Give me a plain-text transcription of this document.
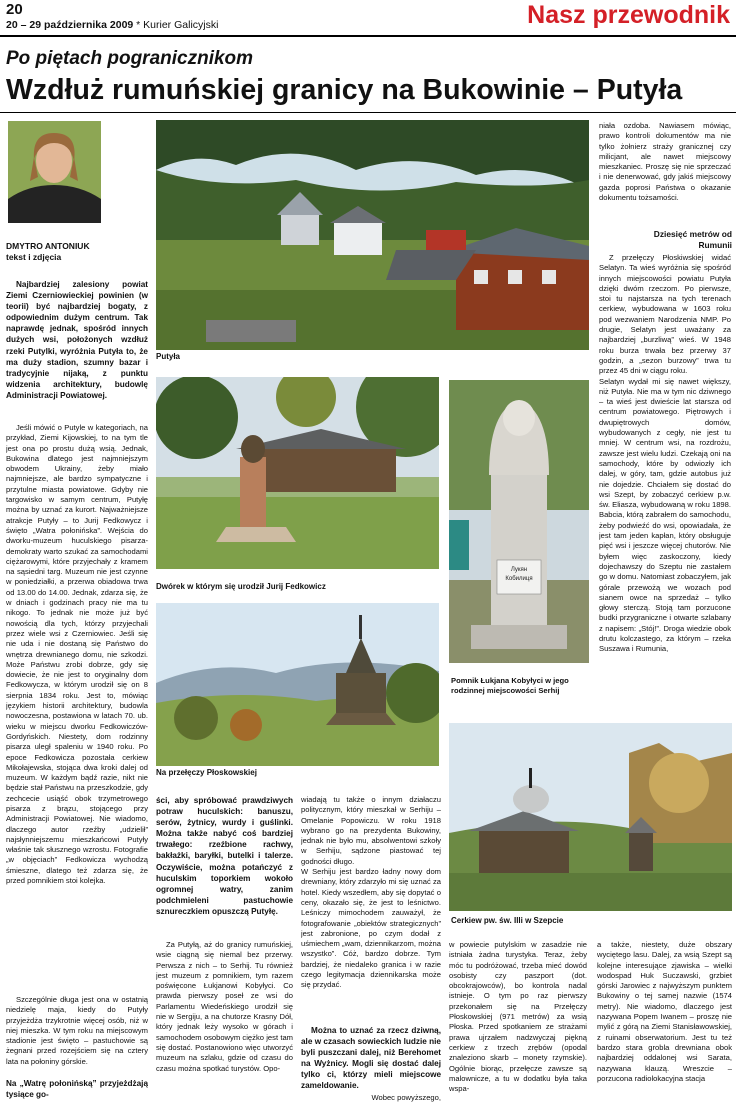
20
20 – 29 października 2009 * Kurier Galicyjski	Nasz przewodnik
Po piętach pogranicznikom
Wzdłuż rumuńskiej granicy na Bukowinie – Putyła
DMYTRO ANTONIUK
tekst i zdjęcia
Najbardziej zalesiony powiat Ziemi Czerniowieckiej powinien (w teorii) być najbardziej bogaty, z odpowiednim dużym centrum. Tak naprawdę jednak, spośród innych dużych wsi, położonych wzdłuż rzeki Putylki, wyróżnia Putyła to, że ma duży stadion, szumny bazar i tradycyjnie nijaką, z punktu widzenia architektury, budowlę Administracji Powiatowej.
Jeśli mówić o Putyle w kategoriach, na przykład, Ziemi Kijowskiej, to na tym tle jest ona po prostu dużą wsią. Jednak, Bukowina dlatego jest najmniejszym obwodem Ukrainy, żeby miało najmniejsze, ale bardzo sympatyczne i przytulne miasta powiatowe. Gdyby nie targowisko w samym centrum, Putyłę można by uznać za kurort. Najważniejsze atrakcje Putyły – to Jurij Fedkowycz i święto „Watra połonińska”. Wejścia do dworku-muzeum huculskiego pisarza-demokraty warto szukać za samochodami ciężarowymi, które przyjechały z kramem na sąsiedni targ. Muzeum nie jest czynne w poniedziałki, a przerwa obiadowa trwa od 13.00 do 14.00. Jednak, zdarza się, że w dniach i godzinach pracy nie ma tu nikogo. To jednak nie może już być nowością dla tych, którzy przyjechali przez wiele wsi z Czerniowiec. Jeśli się nie uda i nie dostaną się Państwo do wnętrza drewnianego domu, nie szkodzi. Może Państwu zrobi dobrze, gdy się dowiecie, że nie jest to oryginalny dom Fedkowycza, w którym urodził się on 8 sierpnia 1834 roku. Jest to, mówiąc językiem historii architektury, budowla nowoczesna, postawiona w latach 70. ub. wieku w miejscu dworku Fedkowiczów-Gordyńskich. Niestety, dom rodzinny pisarza uległ spaleniu w 1940 roku. Po epoce Fedkowicza pozostała cerkiew Mikołajewska, stojąca dwa kroki dalej od muzeum. W każdym bądź razie, nikt nie będzie stał Państwu na przeszkodzie, gdy zechcecie usiąść obok trzymetrowego pisarza z brązu, stojącego przy Administracji Powiatowej. Nie wiadomo, dlaczego autor rzeźby „udzielił” najsłynniejszemu mieszkańcowi Putyły właśnie tak słusznego wzrostu. Fotografie „w objęciach” Fedkowicza wychodzą śmieszne, dlatego też zdarza się, że przed pomnikiem stoi kolejka.
Szczególnie długa jest ona w ostatnią niedzielę maja, kiedy do Putyły przyjeżdża trzykrotnie więcej osób, niż w niej mieszka. W tym roku na miejscowym stadionie jest święto – pastuchowie są żegnani przed rozejściem się na cztery lata na połoniny górskie.
Na „Watrę połonińską” przyjeżdżają tysiące go-
Putyła
niała ozdoba. Nawiasem mówiąc, prawo kontroli dokumentów ma nie tylko żołnierz straży granicznej czy milicjant, ale nawet miejscowy mieszkaniec. Proszę się nie sprzeczać i nie denerwować, gdy jakiś miejscowy gazda poprosi Państwa o okazanie dokumentu tożsamości.
Dziesięć metrów od Rumunii
Z przełęczy Płoskiwskiej widać Selatyn. Ta wieś wyróżnia się spośród innych miejscowości powiatu Putyła dzięki dwóm rzeczom. Po pierwsze, stoi tu najstarsza na tych terenach cerkiew, wybudowana w 1603 roku pod wezwaniem Narodzenia NMP. Po drugie, Selatyn jest uważany za najbardziej „burzliwą” wieś. W 1948 roku burza trwała bez przerwy 37 godzin, a „sezon burzowy” trwa tu przez 45 dni w ciągu roku.
Selatyn wydał mi się nawet większy, niż Putyła. Nie ma w tym nic dziwnego – ta wieś jest dwieście lat starsza od centrum powiatowego. Piętrowych i dwupiętrowych domów, wybudowanych z cegły, nie jest tu mniej. W centrum wsi, na rozdrożu, zawsze jest wielu ludzi. Czekają oni na samochody, które by odwiozły ich dalej, w góry, tam, gdzie autobus już nie dojedzie. Chciałem się dostać do wsi Szept, by zobaczyć cerkiew p.w. św. Eliasza, wybudowaną w roku 1898. Babcia, którą zabrałem do samochodu, żeby podwieźć do wsi, opowiadała, że jest tam jeden kapłan, który obsługuje pięć wsi i jeszcze więcej chutorów. Nie byłem więc zaskoczony, kiedy dojechawszy do Szeptu nie zastałem go w domu. Natomiast zobaczyłem, jak górale przewożą we wozach pod sianem owce na sprzedaż – tylko głowy sterczą. Stoją tam porzucone budki przygraniczne i otwarte szlabany z napisem: „Stój!”. Droga wiedzie obok drutu kolczastego, za którym – rzeka Suszawa i Rumunia,
Dwórek w którym się urodził Jurij Fedkowicz
Лукян
Кобилиця
Pomnik Łukjana Kobyłyci w jego rodzinnej miejscowości Serhij
Na przełęczy Płoskowskiej
Cerkiew pw. św. Illi w Szepcie
ści, aby spróbować prawdziwych potraw huculskich: banuszu, serów, żytnicy, wurdy i guślinki. Można także nabyć coś bardziej trwałego: rzeźbione rachwy, bakłażki, baryłki, butelki i talerze. Oczywiście, można potańczyć z huculskim toporkiem wokoło ogromnej watry, zanim podchmieleni pastuchowie sznureczkiem opuszczą Putyłę.
Za Putyłą, aż do granicy rumuńskiej, wsie ciągną się niemal bez przerwy. Perwsza z nich – to Serhij. Tu również jest muzeum z pomnikiem, tym razem poświęcone Łukjanowi Kobyłyci. Co prawda pierwszy poseł ze wsi do Parlamentu Wiedeńskiego urodził się nie w Sergiju, a na chutorze Krasny Dół, który jednak leży wysoko w górach i samochodem osobowym ciężko jest tam się dostać. Postanowiono więc utworzyć muzeum na szlaku, gdzie od czasu do czasu można spotkać turystów. Opo-
wiadają tu także o innym działaczu politycznym, który mieszkał w Serhiju – Omelanie Popowiczu. W roku 1918 wybrano go na prezydenta Bukowiny, jednak nie było mu, absolwentowi szkoły w Serhiju, sądzone piastować tej godności długo.
W Serhiju jest bardzo ładny nowy dom drewniany, który zdarzyło mi się uznać za hotel. Kiedy wszedłem, aby się dopytać o ceny, okazało się, że jest to leśnictwo. Leśniczy mimochodem zauważył, że fotografowanie „obiektów strategicznych” jest zabronione, po czym dodał z uśmiechem „wam, dziennikarzom, można wszystko”. Cóż, bardzo dobrze. Tym bardziej, że niedaleko granica i w razie czego legitymacja dziennikarska może się przydać.
Można to uznać za rzecz dziwną, ale w czasach sowieckich ludzie nie byli puszczani dalej, niż Berehomet na Wyżnicy. Mogli się dostać dalej tylko ci, którzy mieli miejscowe zameldowanie.
Wobec powyższego,
w powiecie putylskim w zasadzie nie istniała żadna turystyka. Teraz, żeby móc tu podróżować, trzeba mieć dowód osobisty czy paszport (dot. obcokrajowców), bo kontrola nadal istnieje. O tym po raz pierwszy przekonałem się na Przełęczy Płoskowskiej (971 metrów) za wsią Płoska. Przed spotkaniem ze strażami prawa ujrzałem nadzwyczaj piękną cerkiew z trzech zrębów (opodal znaleziono skarb – monety rzymskie). Ogólnie biorąc, przełęcze zawsze są malownicze, a tu w dodatku była taka wspa-
a także, niestety, duże obszary wyciętego lasu. Dalej, za wsią Szept są kolejne interesujące zjawiska – wielki wodospad Huk Suczawski, grzbiet górski Jarowiec z najwyższym punktem Bukowiny o tej samej nazwie (1574 metry). Nie wiadomo, dlaczego jest nazywana Popem Iwanem – proszę nie mylić z górą na Ziemi Stanisławowskiej, z ruinami obserwatorium. Jest tu też bardzo stara grobla drewniana obok najbardziej oddalonej wsi Sarata, nazywana klauzą. Wreszcie – porzucona radiolokacyjna stacja
